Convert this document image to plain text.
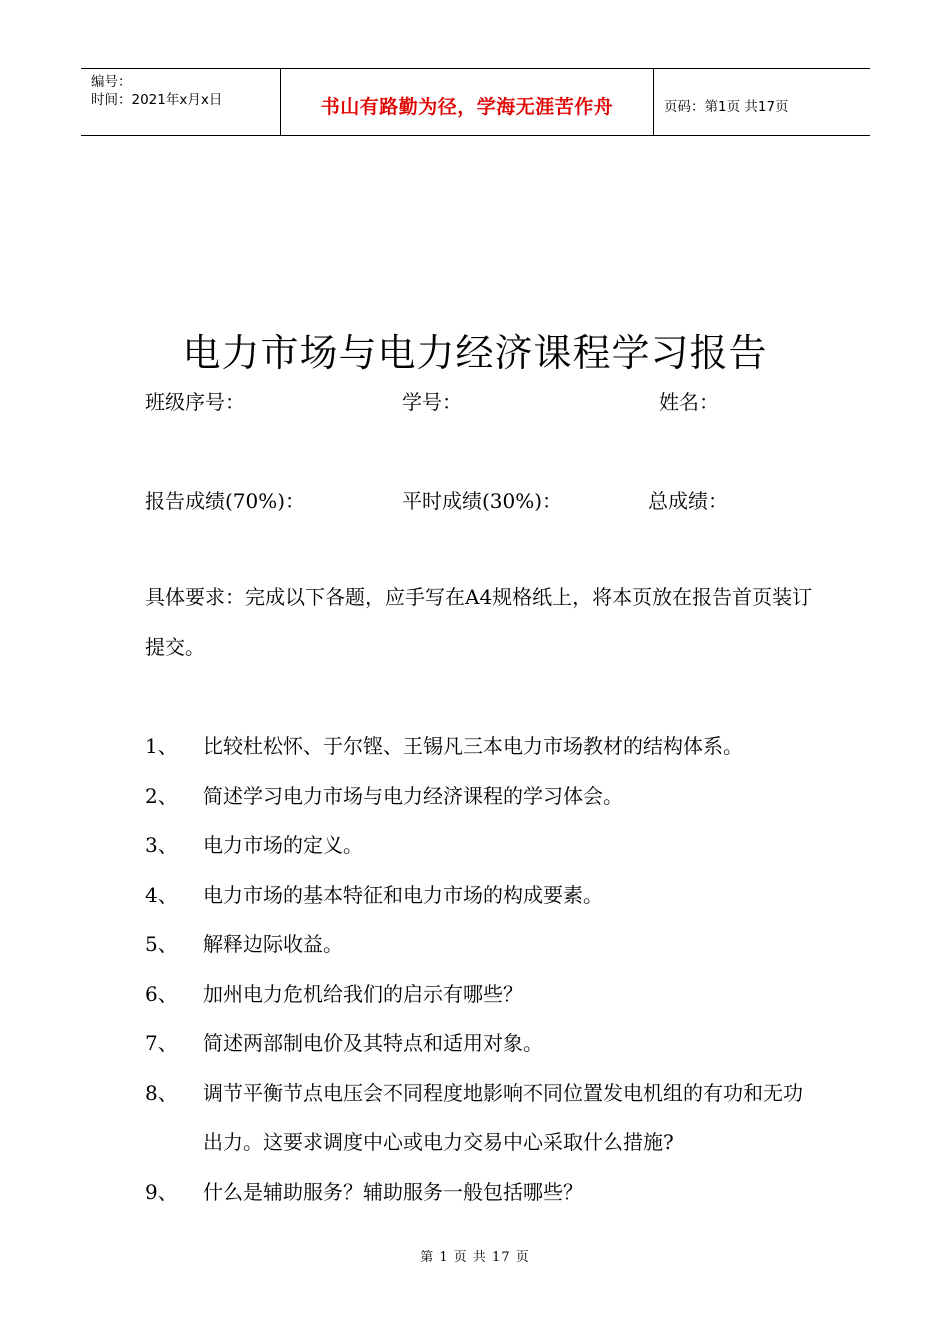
编号：
时间：2021年x月x日	书山有路勤为径，学海无涯苦作舟	页码：第1页 共17页
电力市场与电力经济课程学习报告
班级序号：	学号：	姓名：
报告成绩(70%)：	平时成绩(30%)：	总成绩：
具体要求：完成以下各题，应手写在A4规格纸上，将本页放在报告首页装订提交。
1、	比较杜松怀、于尔铿、王锡凡三本电力市场教材的结构体系。
2、	简述学习电力市场与电力经济课程的学习体会。
3、	电力市场的定义。
4、	电力市场的基本特征和电力市场的构成要素。
5、	解释边际收益。
6、	加州电力危机给我们的启示有哪些？
7、	简述两部制电价及其特点和适用对象。
8、	调节平衡节点电压会不同程度地影响不同位置发电机组的有功和无功出力。这要求调度中心或电力交易中心采取什么措施?
9、	什么是辅助服务？辅助服务一般包括哪些？
第 1 页 共 17 页
